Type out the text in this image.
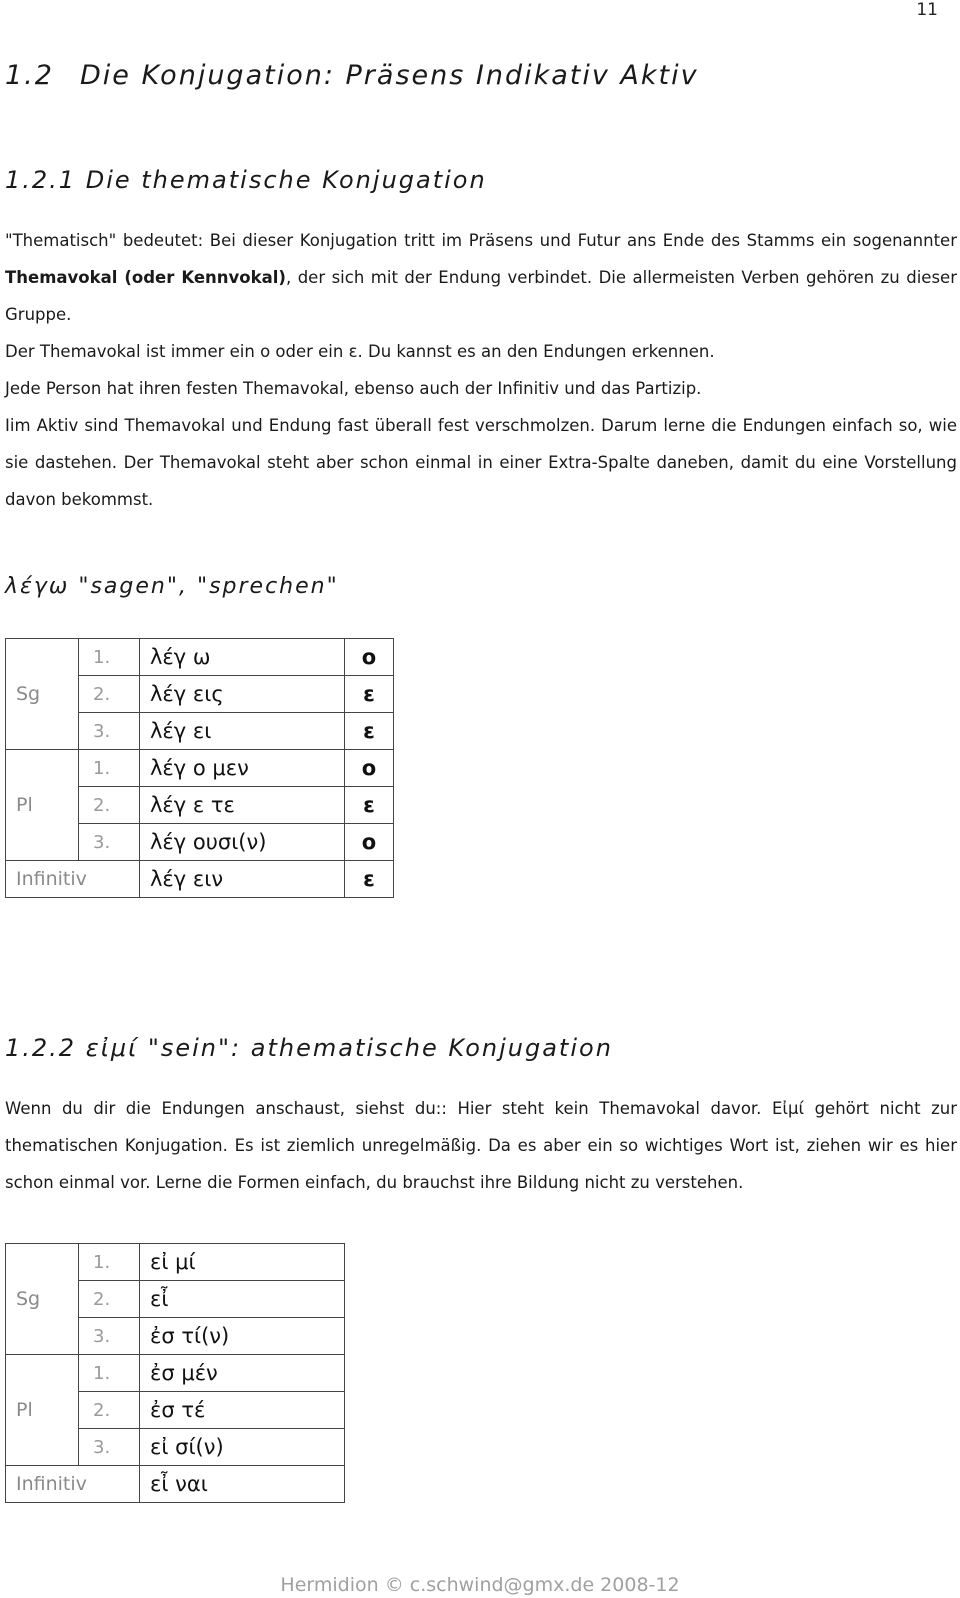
11
1.2 Die Konjugation: Präsens Indikativ Aktiv
1.2.1 Die thematische Konjugation

"Thematisch" bedeutet: Bei dieser Konjugation tritt im Präsens und Futur ans Ende des Stamms ein sogenannter Themavokal (oder Kennvokal), der sich mit der Endung verbindet. Die allermeisten Verben gehören zu dieser Gruppe.

Der Themavokal ist immer ein ο oder ein ε. Du kannst es an den Endungen erkennen.

Jede Person hat ihren festen Themavokal, ebenso auch der Infinitiv und das Partizip.

Iim Aktiv sind Themavokal und Endung fast überall fest verschmolzen. Darum lerne die Endungen einfach so, wie sie dastehen. Der Themavokal steht aber schon einmal in einer Extra-Spalte daneben, damit du eine Vorstellung davon bekommst.

λέγω "sagen", "sprechen"
	1.	λέγ ω	ο
Sg	2.	λέγ εις	ε
	3.	λέγ ει	ε
	1.	λέγ ο μεν	ο
Pl	2.	λέγ ε τε	ε
	3.	λέγ ουσι(ν)	ο
Infinitiv		λέγ ειν	ε
1.2.2 εἰμί "sein": athematische Konjugation

Wenn du dir die Endungen anschaust, siehst du:: Hier steht kein Themavokal davor. Εἰμί gehört nicht zur thematischen Konjugation. Es ist ziemlich unregelmäßig. Da es aber ein so wichtiges Wort ist, ziehen wir es hier schon einmal vor. Lerne die Formen einfach, du brauchst ihre Bildung nicht zu verstehen.

	1.	εἰ μί
Sg	2.	εἶ
	3.	ἐσ τί(ν)
	1.	ἐσ μέν
Pl	2.	ἐσ τέ
	3.	εἰ σί(ν)
Infinitiv		εἶ ναι
Hermidion © c.schwind@gmx.de 2008-12
